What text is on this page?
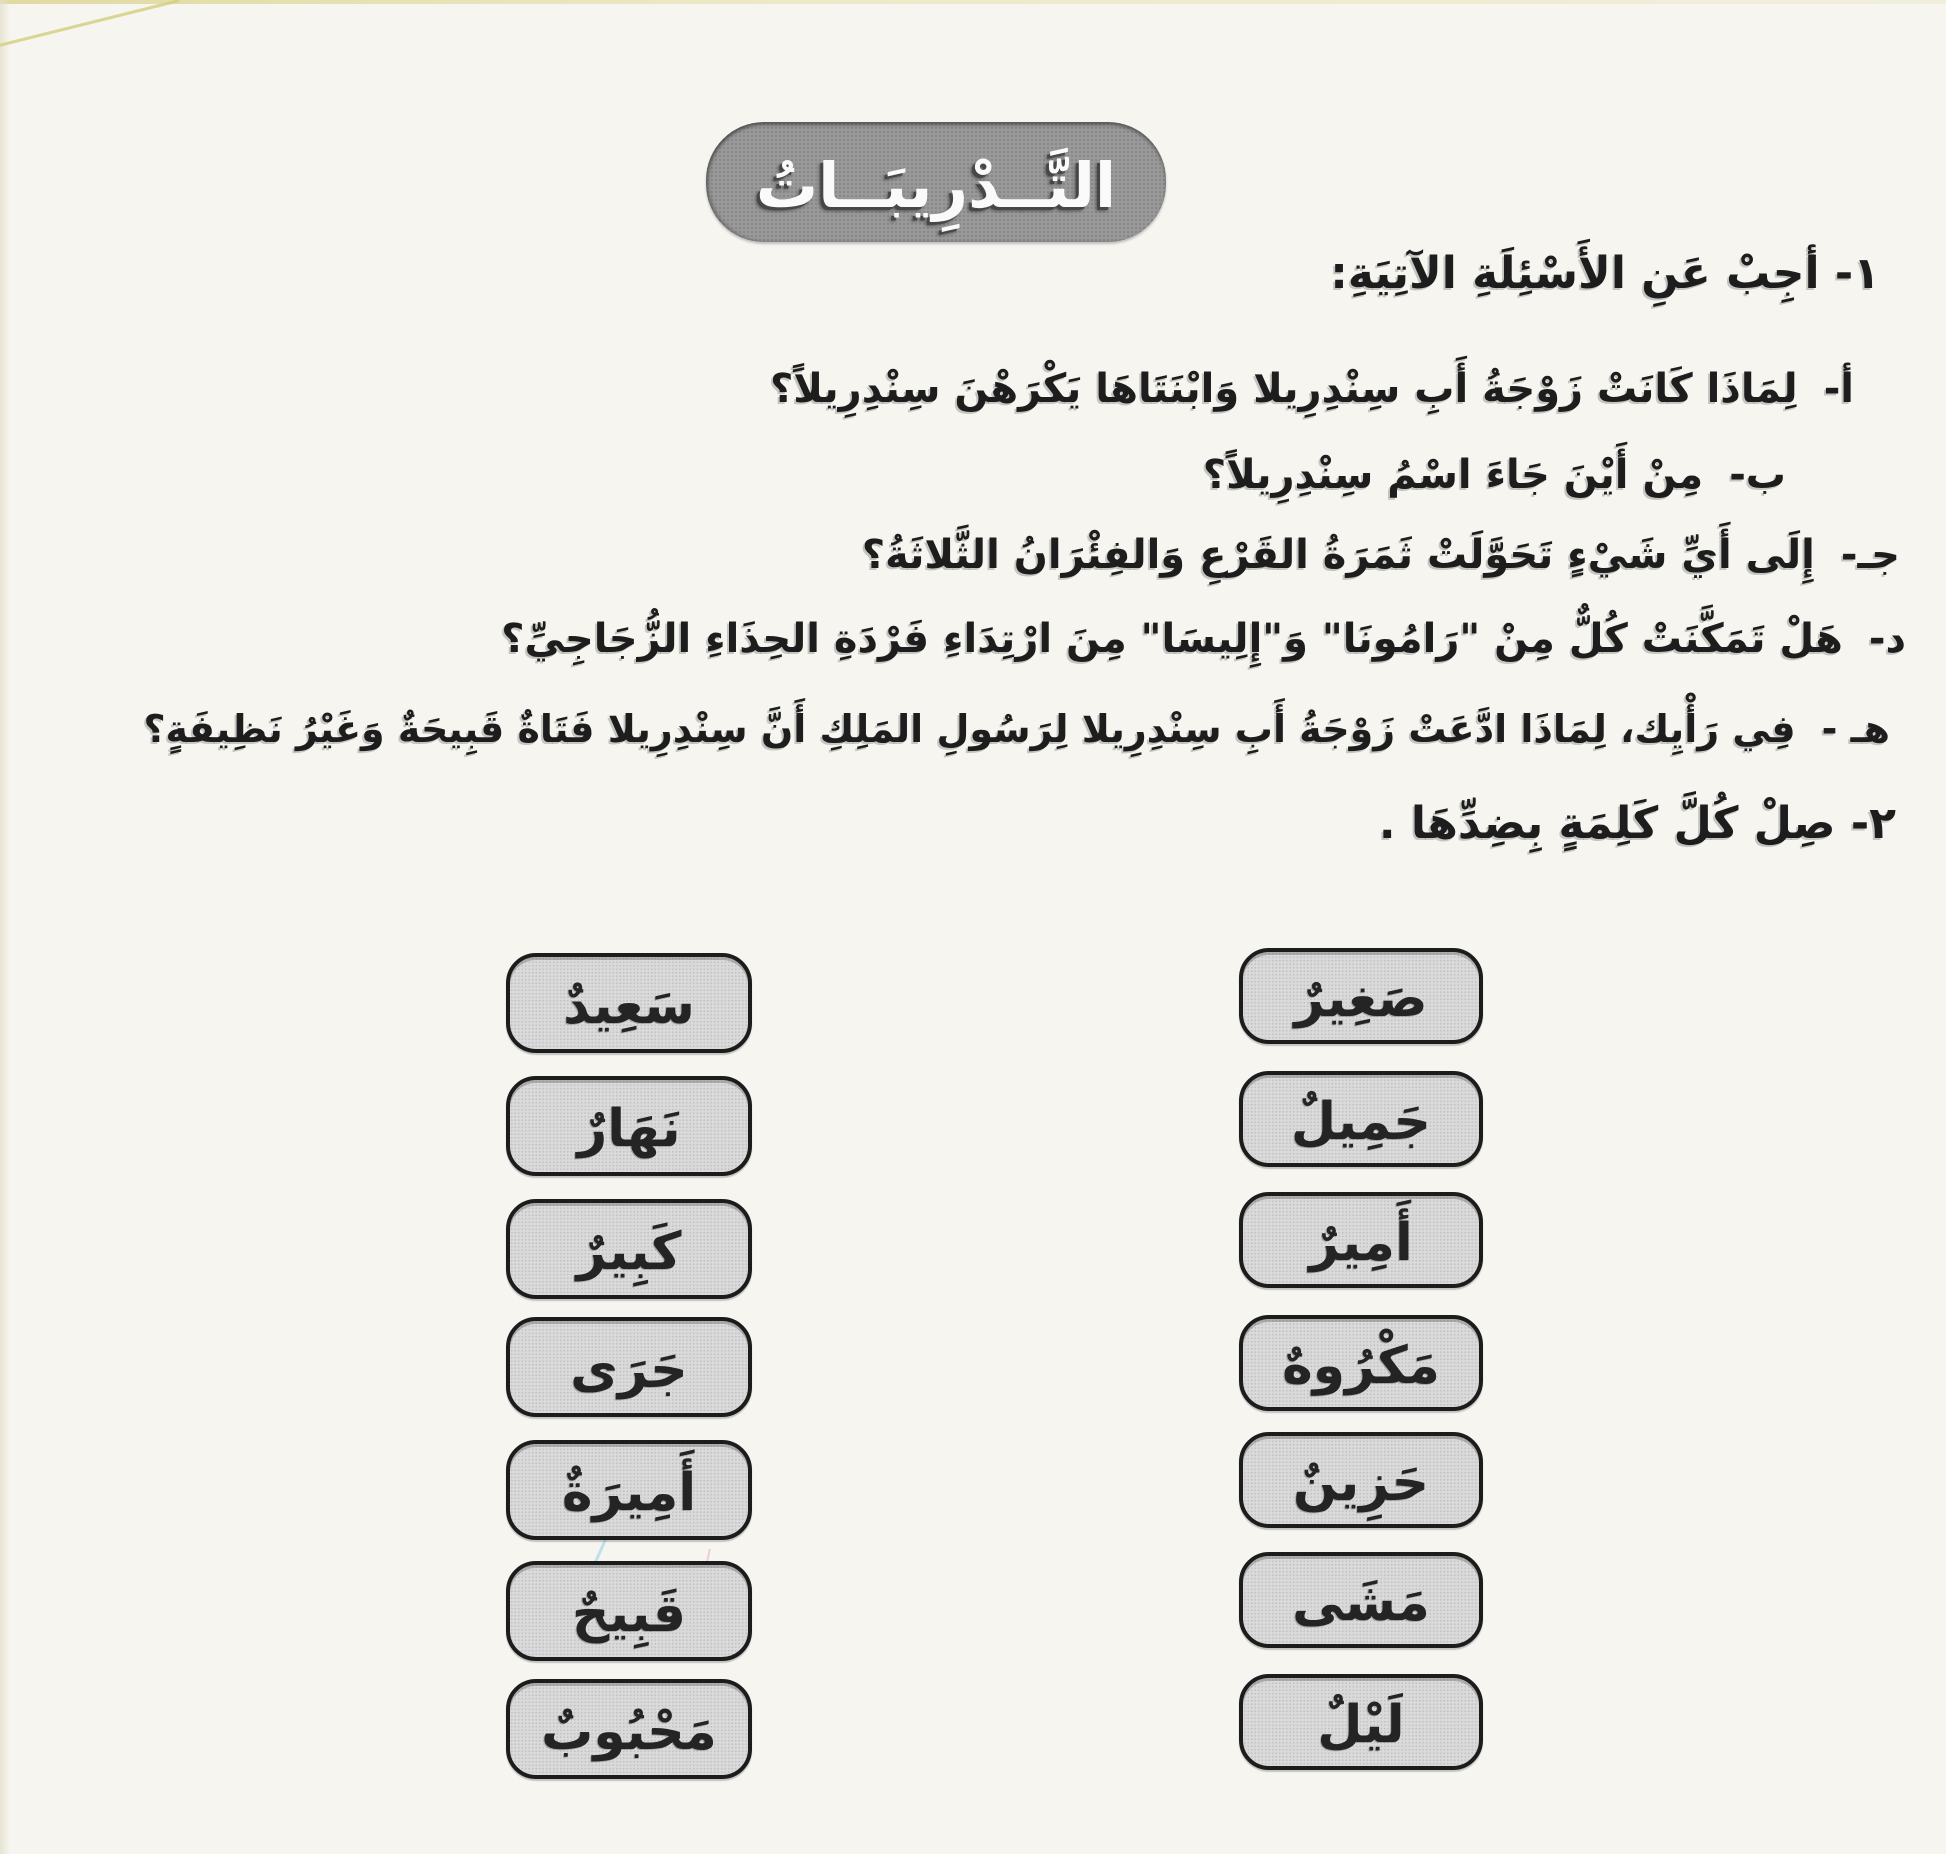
التَّــدْرِيبَــاتُ
١- أجِبْ عَنِ الأَسْئِلَةِ الآتِيَةِ:
أ-لِمَاذَا كَانَتْ زَوْجَةُ أَبِ سِنْدِرِيلا وَابْنَتَاهَا يَكْرَهْنَ سِنْدِرِيلاً؟
ب-مِنْ أَيْنَ جَاءَ اسْمُ سِنْدِرِيلاً؟
جـ-إِلَى أَيِّ شَيْءٍ تَحَوَّلَتْ ثَمَرَةُ القَرْعِ وَالفِئْرَانُ الثَّلاثَةُ؟
د-هَلْ تَمَكَّنَتْ كُلٌّ مِنْ "رَامُونَا" وَ"إِلِيسَا" مِنَ ارْتِدَاءِ فَرْدَةِ الحِذَاءِ الزُّجَاجِيِّ؟
هـ -فِي رَأْيِك، لِمَاذَا ادَّعَتْ زَوْجَةُ أَبِ سِنْدِرِيلا لِرَسُولِ المَلِكِ أَنَّ سِنْدِرِيلا فَتَاةٌ قَبِيحَةٌ وَغَيْرُ نَظِيفَةٍ؟
٢- صِلْ كُلَّ كَلِمَةٍ بِضِدِّهَا .
صَغِيرٌ
جَمِيلٌ
أَمِيرٌ
مَكْرُوهٌ
حَزِينٌ
مَشَى
لَيْلٌ
سَعِيدٌ
نَهَارٌ
كَبِيرٌ
جَرَى
أَمِيرَةٌ
قَبِيحٌ
مَحْبُوبٌ
